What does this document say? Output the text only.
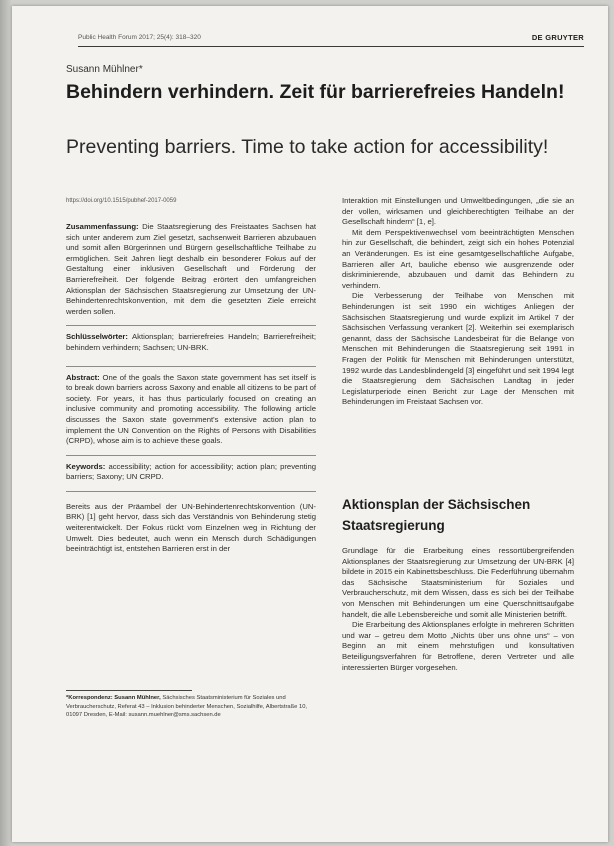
Public Health Forum 2017; 25(4): 318–320	DE GRUYTER
Susann Mühlner*
Behindern verhindern. Zeit für barrierefreies Handeln!
Preventing barriers. Time to take action for accessibility!
https://doi.org/10.1515/pubhef-2017-0059

Zusammenfassung: Die Staatsregierung des Freistaates Sachsen hat sich unter anderem zum Ziel gesetzt, sachsenweit Barrieren abzubauen und somit allen Bürgerinnen und Bürgern gesellschaftliche Teilhabe zu ermöglichen. Seit Jahren liegt deshalb ein besonderer Fokus auf der Gestaltung einer inklusiven Gesellschaft und Förderung der Barrierefreiheit. Der folgende Beitrag erörtert den umfangreichen Aktionsplan der Sächsischen Staatsregierung zur Umsetzung der UN-Behindertenrechtskonvention, mit dem die gesetzten Ziele erreicht werden sollen.

Schlüsselwörter: Aktionsplan; barrierefreies Handeln; Barrierefreiheit; behindern verhindern; Sachsen; UN-BRK.

Abstract: One of the goals the Saxon state government has set itself is to break down barriers across Saxony and enable all citizens to be part of society. For years, it has thus particularly focused on creating an inclusive community and promoting accessibility. The following article discusses the Saxon state government's extensive action plan to implement the UN Convention on the Rights of Persons with Disabilities (CRPD), whose aim is to achieve these goals.

Keywords: accessibility; action for accessibility; action plan; preventing barriers; Saxony; UN CRPD.

Bereits aus der Präambel der UN-Behindertenrechtskonvention (UN-BRK) [1] geht hervor, dass sich das Verständnis von Behinderung stetig weiterentwickelt. Der Fokus rückt vom Einzelnen weg in Richtung der Umwelt. Dies bedeutet, auch wenn ein Mensch durch Schädigungen beeinträchtigt ist, entstehen Barrieren erst in der

*Korrespondenz: Susann Mühlner, Sächsisches Staatsministerium für Soziales und Verbraucherschutz, Referat 43 – Inklusion behinderter Menschen, Sozialhilfe, Albertstraße 10, 01097 Dresden, E-Mail: susann.muehlner@sms.sachsen.de

Interaktion mit Einstellungen und Umweltbedingungen, „die sie an der vollen, wirksamen und gleichberechtigten Teilhabe an der Gesellschaft hindern“ [1, e].

Mit dem Perspektivenwechsel vom beeinträchtigten Menschen hin zur Gesellschaft, die behindert, zeigt sich ein hohes Potenzial an Veränderungen. Es ist eine gesamtgesellschaftliche Aufgabe, Barrieren aller Art, bauliche ebenso wie ausgrenzende oder diskriminierende, abzubauen und damit das Behindern zu verhindern.

Die Verbesserung der Teilhabe von Menschen mit Behinderungen ist seit 1990 ein wichtiges Anliegen der Sächsischen Staatsregierung und wurde explizit im Artikel 7 der Sächsischen Verfassung verankert [2]. Weiterhin sei exemplarisch genannt, dass der Sächsische Landesbeirat für die Belange von Menschen mit Behinderungen die Staatsregierung seit 1991 in Fragen der Politik für Menschen mit Behinderungen unterstützt, 1992 wurde das Landesblindengeld [3] eingeführt und seit 1994 legt die Staatsregierung dem Sächsischen Landtag in jeder Legislaturperiode einen Bericht zur Lage der Menschen mit Behinderungen im Freistaat Sachsen vor.

Aktionsplan der Sächsischen Staatsregierung

Grundlage für die Erarbeitung eines ressortübergreifenden Aktionsplanes der Staatsregierung zur Umsetzung der UN-BRK [4] bildete in 2015 ein Kabinettsbeschluss. Die Federführung übernahm das Sächsische Staatsministerium für Soziales und Verbraucherschutz, mit dem Wissen, dass es sich bei der Teilhabe von Menschen mit Behinderungen um eine Querschnittsaufgabe handelt, die alle Lebensbereiche und somit alle Ministerien betrifft.

Die Erarbeitung des Aktionsplanes erfolgte in mehreren Schritten und war – getreu dem Motto „Nichts über uns ohne uns“ – von Beginn an mit einem mehrstufigen und konsultativen Beteiligungsverfahren für Betroffene, deren Vertreter und alle interessierten Bürger vorgesehen.
